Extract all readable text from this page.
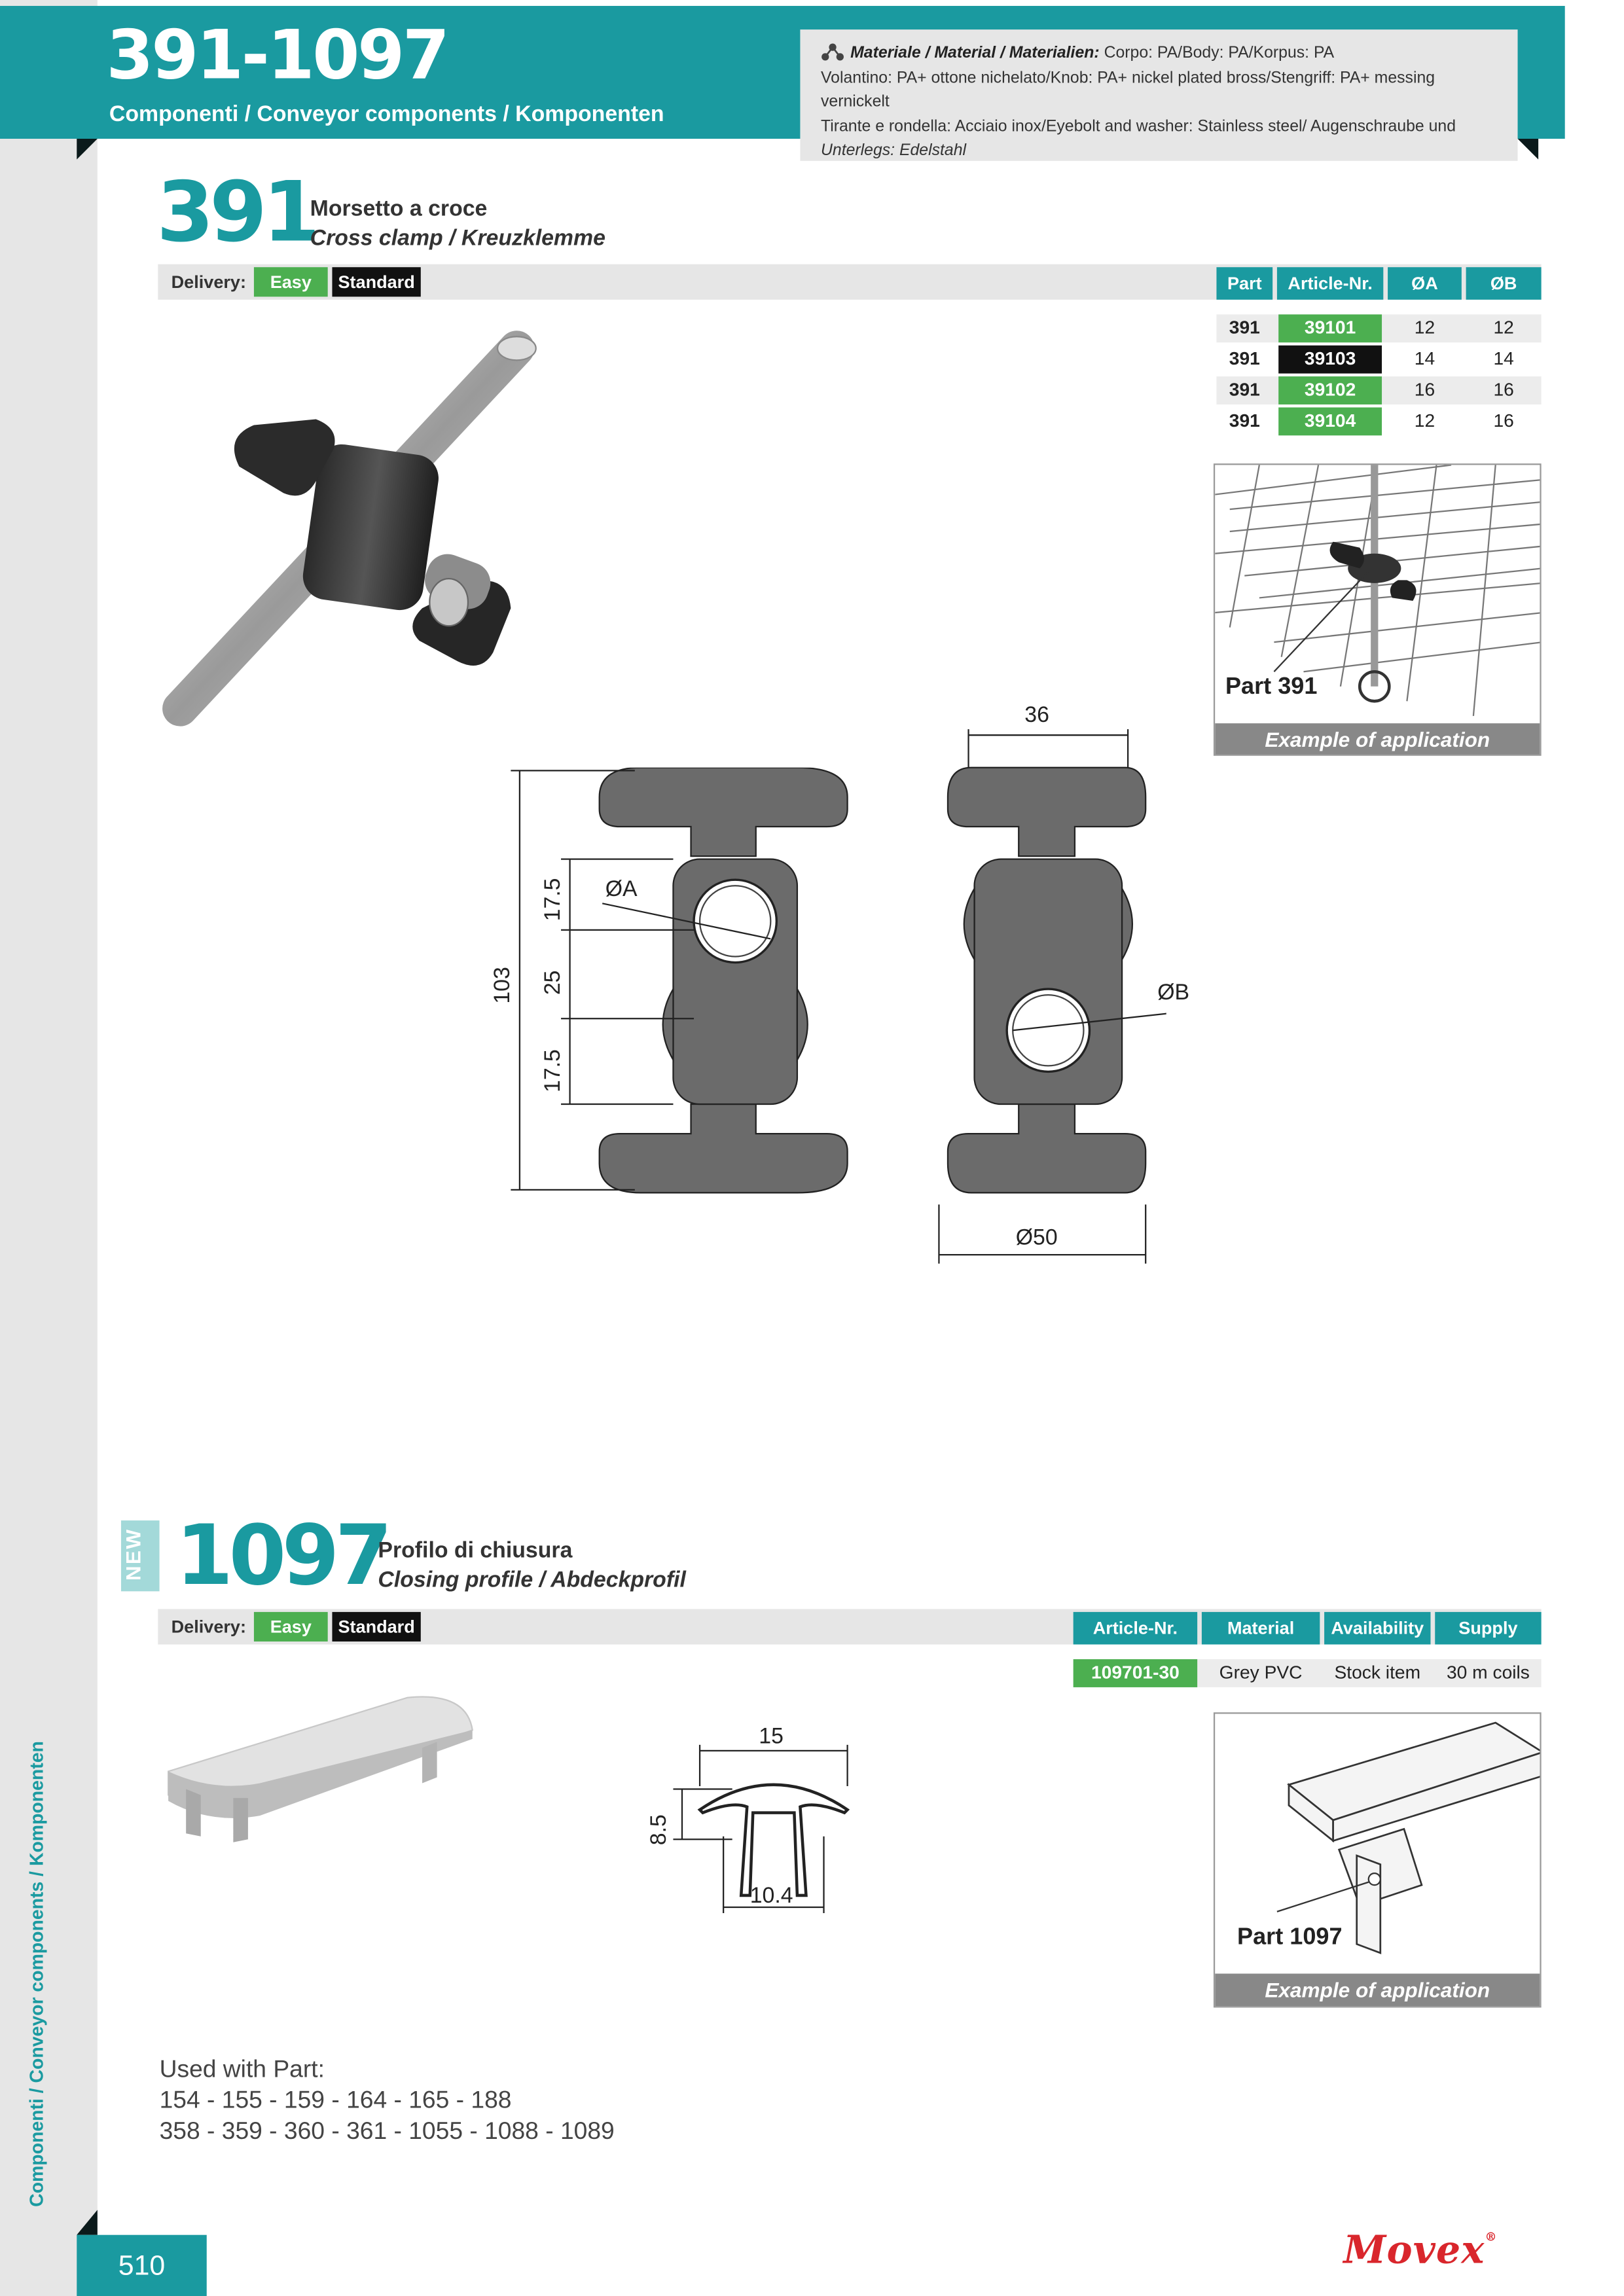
Componenti / Conveyor components / Komponenten
391-1097
Componenti / Conveyor components / Komponenten
Materiale / Material / Materialien: Corpo: PA/Body: PA/Korpus: PA
Volantino: PA+ ottone nichelato/Knob: PA+ nickel plated bross/Stengriff: PA+ messing vernickelt
Tirante e rondella: Acciaio inox/Eyebolt and washer: Stainless steel/ Augenschraube und
Unterlegs: Edelstahl
391
Morsetto a croce
Cross clamp / Kreuzklemme
Delivery:	Easy	Standard	Part	Article-Nr.	ØA	ØB
391	39101	12	12
391	39103	14	14
391	39102	16	16
391	39104	12	16
Part 391
Example of application
103
17.5
25
17.5
ØA
36
ØB
Ø50
NEW 1097
Profilo di chiusura
Closing profile / Abdeckprofil
Delivery:	Easy	Standard	Article-Nr.	Material	Availability	Supply
109701-30	Grey PVC	Stock item	30 m coils
15
8.5
10.4
Part 1097
Example of application
Used with Part:
154 - 155 - 159 - 164 - 165 - 188
358 - 359 - 360 - 361 - 1055 - 1088 - 1089
510	Movex®
